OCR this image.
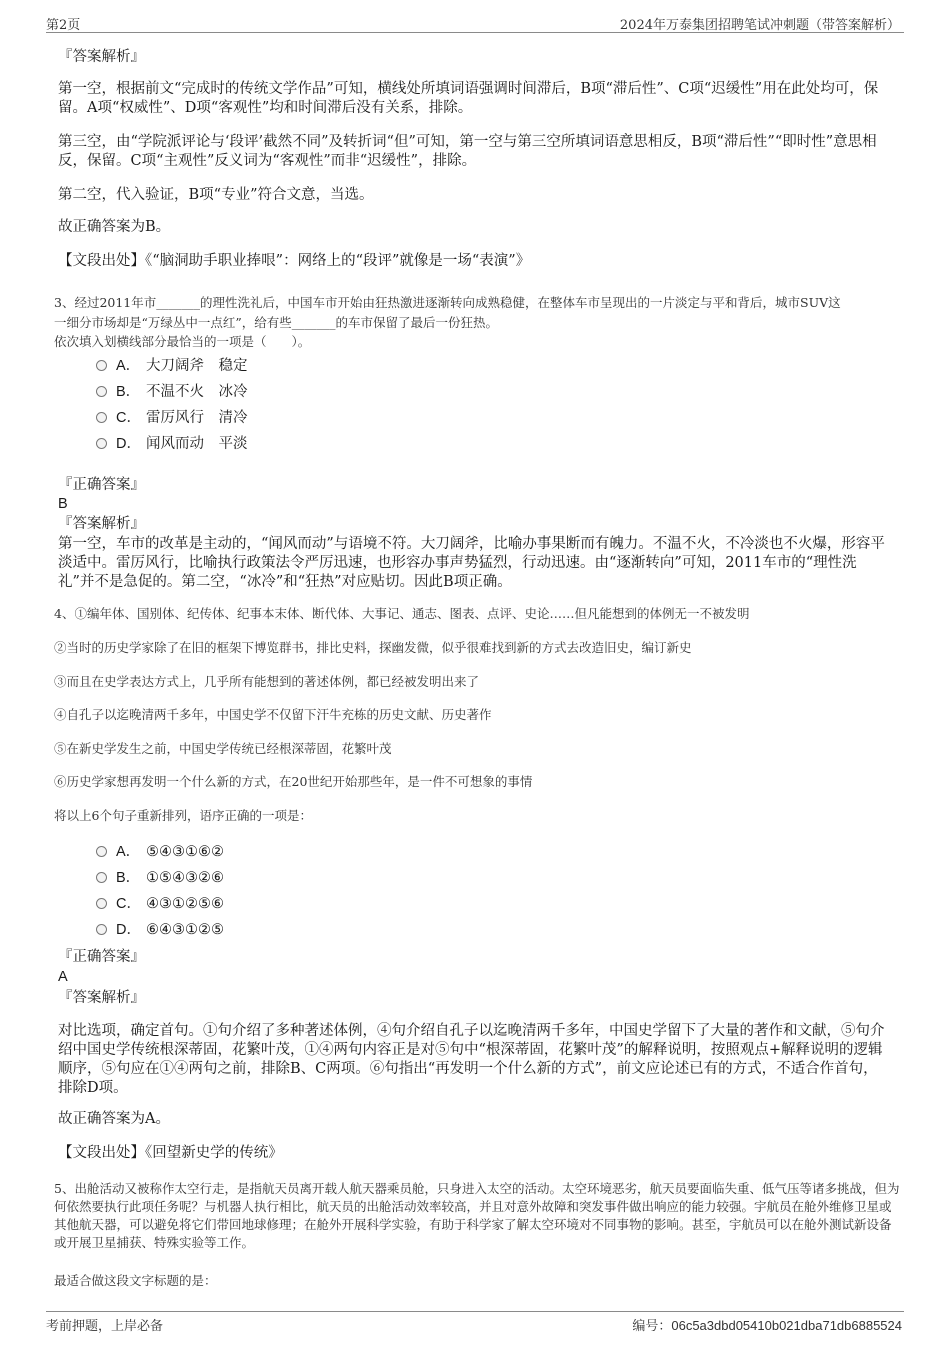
第2页	2024年万泰集团招聘笔试冲刺题（带答案解析）

『答案解析』

第一空，根据前文“完成时的传统文学作品”可知，横线处所填词语强调时间滞后，B项“滞后性”、C项“迟缓性”用在此处均可，保留。A项“权威性”、D项“客观性”均和时间滞后没有关系，排除。

第三空，由“学院派评论与‘段评’截然不同”及转折词“但”可知，第一空与第三空所填词语意思相反，B项“滞后性”“即时性”意思相反，保留。C项“主观性”反义词为“客观性”而非“迟缓性”，排除。

第二空，代入验证，B项“专业”符合文意，当选。

故正确答案为B。

【文段出处】《“脑洞助手职业捧哏”：网络上的“段评”就像是一场“表演”》

3、经过2011年市_______的理性洗礼后，中国车市开始由狂热激进逐渐转向成熟稳健，在整体车市呈现出的一片淡定与平和背后，城市SUV这

一细分市场却是“万绿丛中一点红”，给有些_______的车市保留了最后一份狂热。

依次填入划横线部分最恰当的一项是（　　）。

A． 大刀阔斧　稳定
B． 不温不火　冰冷
C． 雷厉风行　清冷
D． 闻风而动　平淡

『正确答案』

B

『答案解析』

第一空，车市的改革是主动的，“闻风而动”与语境不符。大刀阔斧，比喻办事果断而有魄力。不温不火，不冷淡也不火爆，形容平淡适中。雷厉风行，比喻执行政策法令严厉迅速，也形容办事声势猛烈，行动迅速。由“逐渐转向”可知，2011车市的“理性洗礼”并不是急促的。第二空，“冰冷”和“狂热”对应贴切。因此B项正确。

4、①编年体、国别体、纪传体、纪事本末体、断代体、大事记、通志、图表、点评、史论……但凡能想到的体例无一不被发明

②当时的历史学家除了在旧的框架下博览群书，排比史料，探幽发微，似乎很难找到新的方式去改造旧史，编订新史

③而且在史学表达方式上，几乎所有能想到的著述体例，都已经被发明出来了

④自孔子以迄晚清两千多年，中国史学不仅留下汗牛充栋的历史文献、历史著作

⑤在新史学发生之前，中国史学传统已经根深蒂固，花繁叶茂

⑥历史学家想再发明一个什么新的方式，在20世纪开始那些年，是一件不可想象的事情

将以上6个句子重新排列，语序正确的一项是：

A． ⑤④③①⑥②
B． ①⑤④③②⑥
C． ④③①②⑤⑥
D． ⑥④③①②⑤

『正确答案』

A

『答案解析』

对比选项，确定首句。①句介绍了多种著述体例，④句介绍自孔子以迄晚清两千多年，中国史学留下了大量的著作和文献，⑤句介绍中国史学传统根深蒂固，花繁叶茂，①④两句内容正是对⑤句中“根深蒂固，花繁叶茂”的解释说明，按照观点+解释说明的逻辑顺序，⑤句应在①④两句之前，排除B、C两项。⑥句指出“再发明一个什么新的方式”，前文应论述已有的方式，不适合作首句，排除D项。

故正确答案为A。

【文段出处】《回望新史学的传统》

5、出舱活动又被称作太空行走，是指航天员离开载人航天器乘员舱，只身进入太空的活动。太空环境恶劣，航天员要面临失重、低气压等诸多挑战，但为何依然要执行此项任务呢？与机器人执行相比，航天员的出舱活动效率较高，并且对意外故障和突发事件做出响应的能力较强。宇航员在舱外维修卫星或其他航天器，可以避免将它们带回地球修理；在舱外开展科学实验，有助于科学家了解太空环境对不同事物的影响。甚至，宇航员可以在舱外测试新设备或开展卫星捕获、特殊实验等工作。

最适合做这段文字标题的是：

考前押题，上岸必备	编号：06c5a3dbd05410b021dba71db6885524
